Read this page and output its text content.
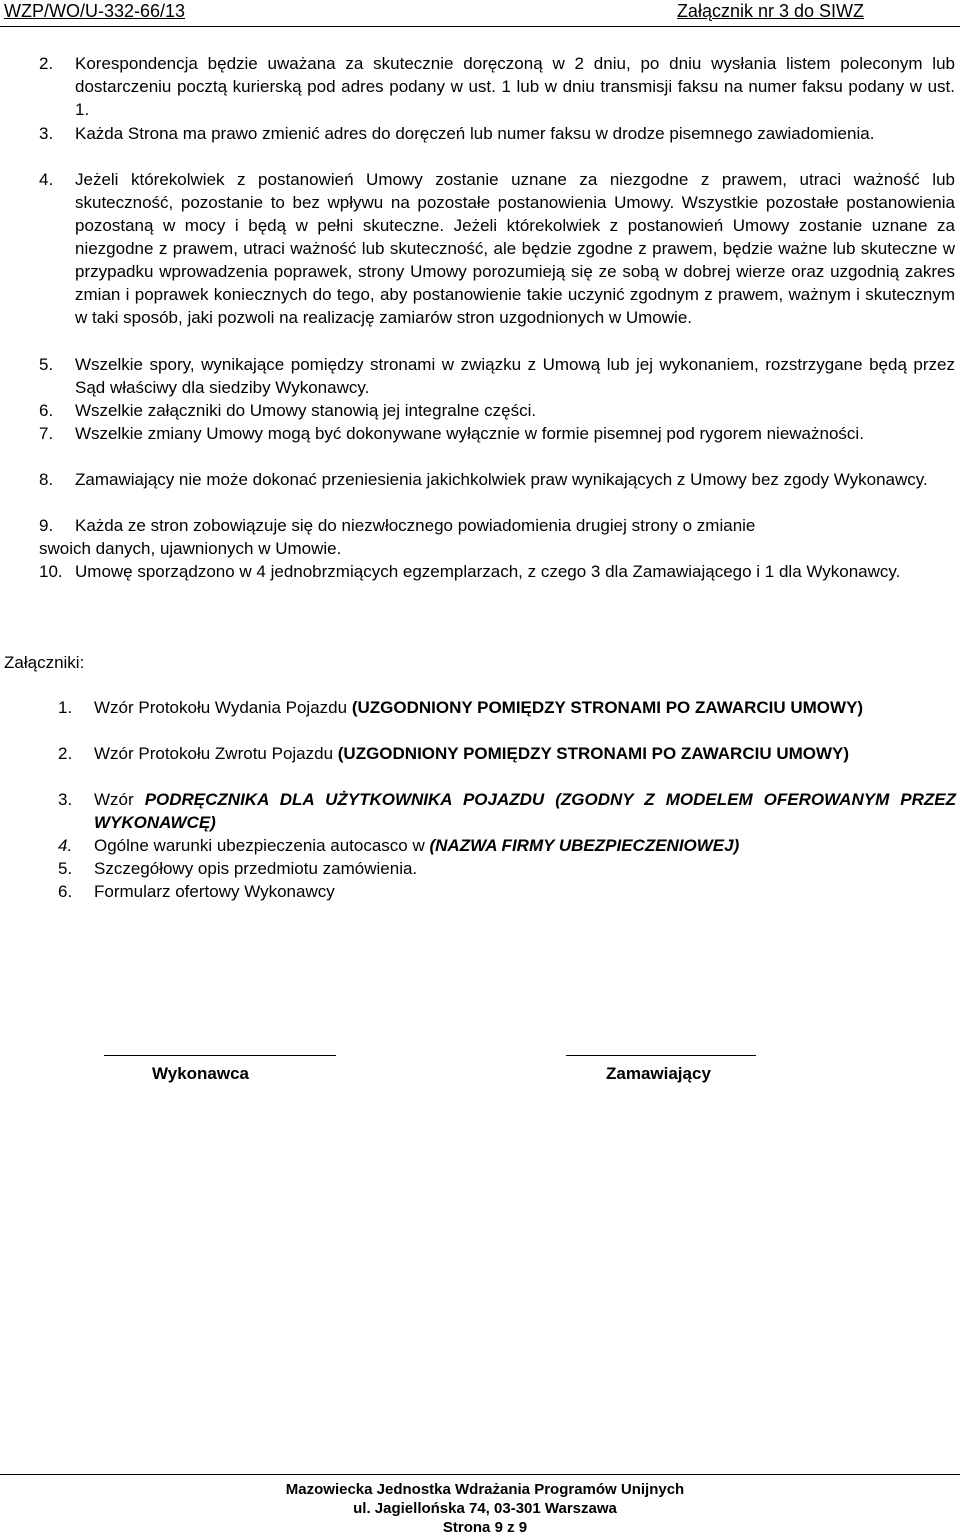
WZP/WO/U-332-66/13	Załącznik nr 3 do SIWZ
2. Korespondencja będzie uważana za skutecznie doręczoną w 2 dniu, po dniu wysłania listem poleconym lub dostarczeniu pocztą kurierską pod adres podany w ust. 1 lub w dniu transmisji faksu na numer faksu podany w ust. 1.
3. Każda Strona ma prawo zmienić adres do doręczeń lub numer faksu w drodze pisemnego zawiadomienia.
4. Jeżeli którekolwiek z postanowień Umowy zostanie uznane za niezgodne z prawem, utraci ważność lub skuteczność, pozostanie to bez wpływu na pozostałe postanowienia Umowy. Wszystkie pozostałe postanowienia pozostaną w mocy i będą w pełni skuteczne. Jeżeli którekolwiek z postanowień Umowy zostanie uznane za niezgodne z prawem, utraci ważność lub skuteczność, ale będzie zgodne z prawem, będzie ważne lub skuteczne w przypadku wprowadzenia poprawek, strony Umowy porozumieją się ze sobą w dobrej wierze oraz uzgodnią zakres zmian i poprawek koniecznych do tego, aby postanowienie takie uczynić zgodnym z prawem, ważnym i skutecznym w taki sposób, jaki pozwoli na realizację zamiarów stron uzgodnionych w Umowie.
5. Wszelkie spory, wynikające pomiędzy stronami w związku z Umową lub jej wykonaniem, rozstrzygane będą przez Sąd właściwy dla siedziby Wykonawcy.
6. Wszelkie załączniki do Umowy stanowią jej integralne części.
7. Wszelkie zmiany Umowy mogą być dokonywane wyłącznie w formie pisemnej pod rygorem nieważności.
8. Zamawiający nie może dokonać przeniesienia jakichkolwiek praw wynikających z Umowy bez zgody Wykonawcy.
9.	Każda ze stron zobowiązuje się do niezwłocznego powiadomienia drugiej strony o zmianie swoich danych, ujawnionych w Umowie.
10. Umowę sporządzono w 4 jednobrzmiących egzemplarzach, z czego 3 dla Zamawiającego i 1 dla Wykonawcy.
Załączniki:
1. Wzór Protokołu Wydania Pojazdu (UZGODNIONY POMIĘDZY STRONAMI PO ZAWARCIU UMOWY)
2. Wzór Protokołu Zwrotu Pojazdu (UZGODNIONY POMIĘDZY STRONAMI PO ZAWARCIU UMOWY)
3. Wzór PODRĘCZNIKA DLA UŻYTKOWNIKA POJAZDU (ZGODNY Z MODELEM OFEROWANYM PRZEZ WYKONAWCĘ)
4. Ogólne warunki ubezpieczenia autocasco w (NAZWA FIRMY UBEZPIECZENIOWEJ)
5. Szczegółowy opis przedmiotu zamówienia.
6. Formularz ofertowy Wykonawcy
Wykonawca	Zamawiający
Mazowiecka Jednostka Wdrażania Programów Unijnych
ul. Jagiellońska 74, 03-301 Warszawa
Strona 9 z 9
